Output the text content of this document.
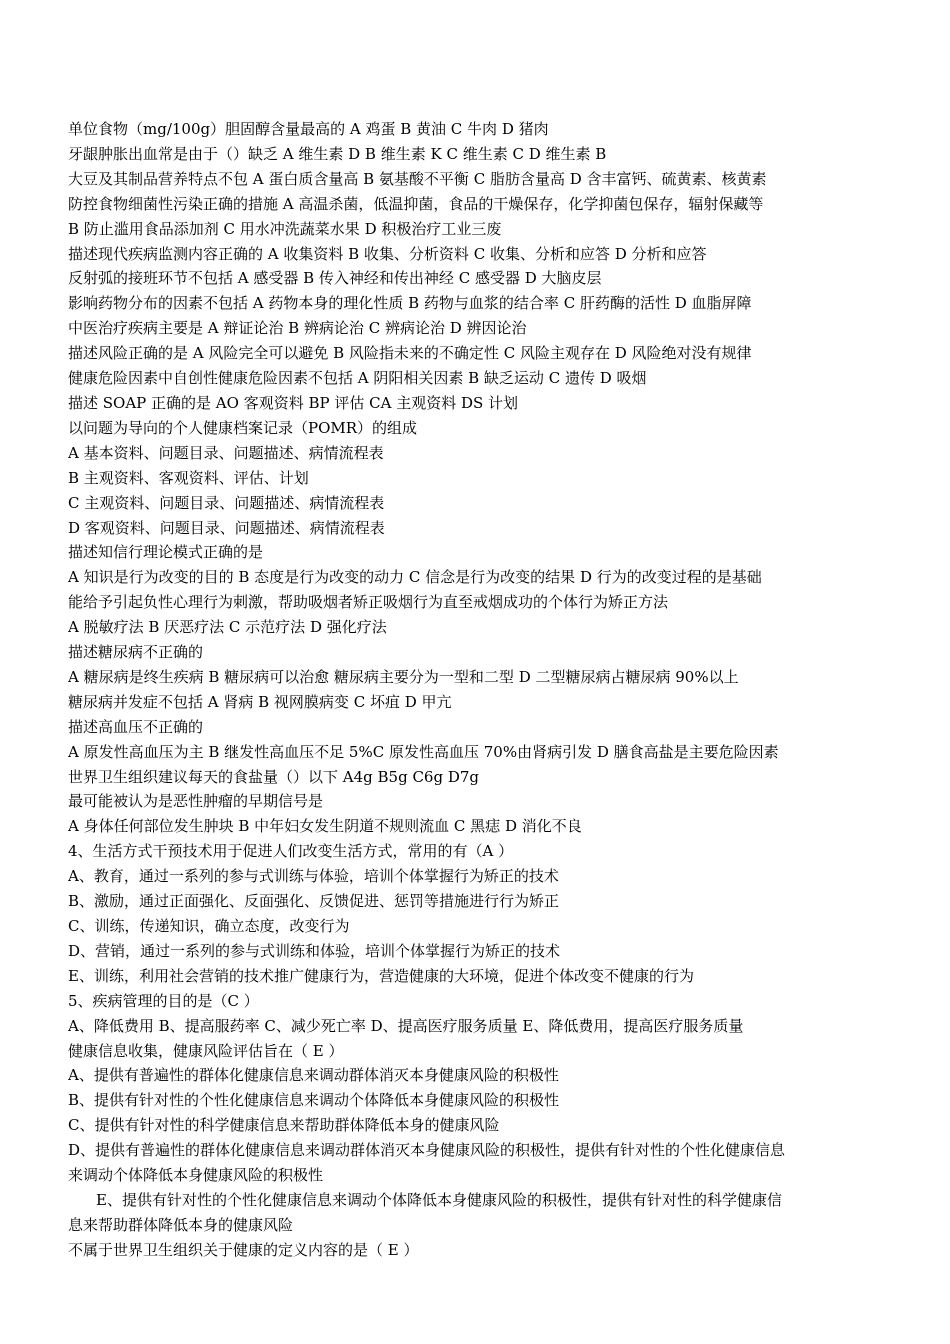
单位食物（mg/100g）胆固醇含量最高的 A 鸡蛋 B 黄油 C 牛肉 D 猪肉
牙龈肿胀出血常是由于（）缺乏 A 维生素 D B 维生素 K C 维生素 C D 维生素 B
大豆及其制品营养特点不包 A 蛋白质含量高 B 氨基酸不平衡 C 脂肪含量高 D 含丰富钙、硫黄素、核黄素
防控食物细菌性污染正确的措施 A 高温杀菌，低温抑菌，食品的干燥保存，化学抑菌包保存，辐射保藏等
B 防止滥用食品添加剂 C 用水冲洗蔬菜水果 D 积极治疗工业三废
描述现代疾病监测内容正确的 A 收集资料 B 收集、分析资料 C 收集、分析和应答 D 分析和应答
反射弧的接班环节不包括 A 感受器 B 传入神经和传出神经 C 感受器 D 大脑皮层
影响药物分布的因素不包括 A 药物本身的理化性质 B 药物与血浆的结合率 C 肝药酶的活性 D 血脂屏障
中医治疗疾病主要是 A 辩证论治 B 辨病论治 C 辨病论治 D 辨因论治
描述风险正确的是 A 风险完全可以避免 B 风险指未来的不确定性 C 风险主观存在 D 风险绝对没有规律
健康危险因素中自创性健康危险因素不包括 A 阴阳相关因素 B 缺乏运动 C 遗传 D 吸烟
描述 SOAP 正确的是 AO 客观资料 BP 评估 CA 主观资料 DS 计划
以问题为导向的个人健康档案记录（POMR）的组成
A 基本资料、问题目录、问题描述、病情流程表
B 主观资料、客观资料、评估、计划
C 主观资料、问题目录、问题描述、病情流程表
D 客观资料、问题目录、问题描述、病情流程表
描述知信行理论模式正确的是
A 知识是行为改变的目的 B 态度是行为改变的动力 C 信念是行为改变的结果 D 行为的改变过程的是基础
能给予引起负性心理行为刺激，帮助吸烟者矫正吸烟行为直至戒烟成功的个体行为矫正方法
A 脱敏疗法 B 厌恶疗法 C 示范疗法 D 强化疗法
描述糖尿病不正确的
A 糖尿病是终生疾病 B 糖尿病可以治愈 糖尿病主要分为一型和二型 D 二型糖尿病占糖尿病 90%以上
糖尿病并发症不包括 A 肾病 B 视网膜病变 C 坏疽 D 甲亢
描述高血压不正确的
A 原发性高血压为主 B 继发性高血压不足 5%C 原发性高血压 70%由肾病引发 D 膳食高盐是主要危险因素
世界卫生组织建议每天的食盐量（）以下 A4g B5g C6g D7g
最可能被认为是恶性肿瘤的早期信号是
A 身体任何部位发生肿块 B 中年妇女发生阴道不规则流血 C 黑痣 D 消化不良
4、生活方式干预技术用于促进人们改变生活方式，常用的有（A ）
A、教育，通过一系列的参与式训练与体验，培训个体掌握行为矫正的技术
B、激励，通过正面强化、反面强化、反馈促进、惩罚等措施进行行为矫正
C、训练，传递知识，确立态度，改变行为
D、营销，通过一系列的参与式训练和体验，培训个体掌握行为矫正的技术
E、训练，利用社会营销的技术推广健康行为，营造健康的大环境，促进个体改变不健康的行为
5、疾病管理的目的是（C ）
A、降低费用 B、提高服药率 C、减少死亡率 D、提高医疗服务质量 E、降低费用，提高医疗服务质量
健康信息收集，健康风险评估旨在（ E ）
A、提供有普遍性的群体化健康信息来调动群体消灭本身健康风险的积极性
B、提供有针对性的个性化健康信息来调动个体降低本身健康风险的积极性
C、提供有针对性的科学健康信息来帮助群体降低本身的健康风险
D、提供有普遍性的群体化健康信息来调动群体消灭本身健康风险的积极性，提供有针对性的个性化健康信息
来调动个体降低本身健康风险的积极性
E、提供有针对性的个性化健康信息来调动个体降低本身健康风险的积极性，提供有针对性的科学健康信
息来帮助群体降低本身的健康风险
不属于世界卫生组织关于健康的定义内容的是（ E ）
